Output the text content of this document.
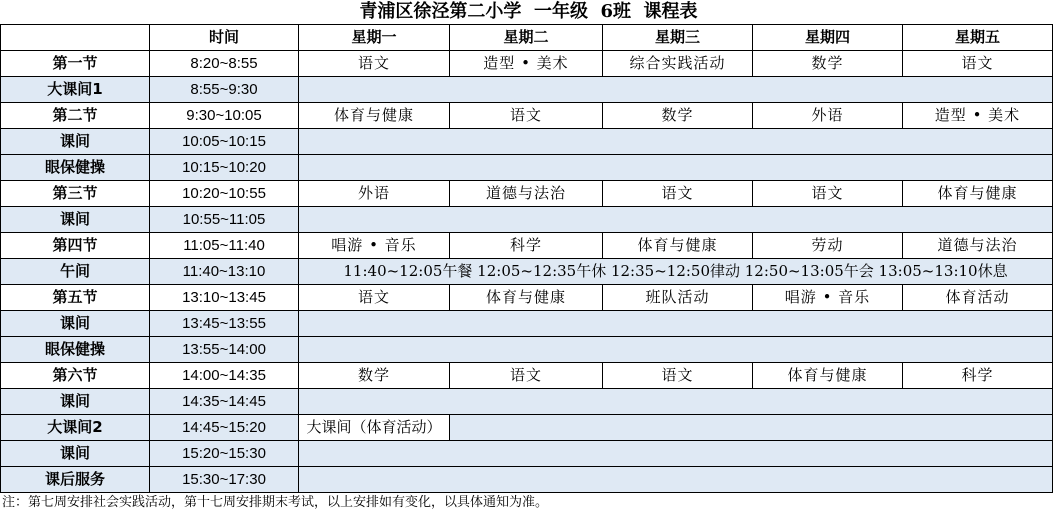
青浦区徐泾第二小学  一年级  6班  课程表
	时间	星期一	星期二	星期三	星期四	星期五
第一节	8:20~8:55	语文	造型 • 美术	综合实践活动	数学	语文
大课间1	8:55~9:30					
第二节	9:30~10:05	体育与健康	语文	数学	外语	造型 • 美术
课间	10:05~10:15					
眼保健操	10:15~10:20					
第三节	10:20~10:55	外语	道德与法治	语文	语文	体育与健康
课间	10:55~11:05					
第四节	11:05~11:40	唱游 • 音乐	科学	体育与健康	劳动	道德与法治
午间	11:40~13:10	11:40~12:05午餐 12:05~12:35午休 12:35~12:50律动 12:50~13:05午会 13:05~13:10休息				
第五节	13:10~13:45	语文	体育与健康	班队活动	唱游 • 音乐	体育活动
课间	13:45~13:55					
眼保健操	13:55~14:00					
第六节	14:00~14:35	数学	语文	语文	体育与健康	科学
课间	14:35~14:45					
大课间2	14:45~15:20	大课间（体育活动）				
课间	15:20~15:30					
课后服务	15:30~17:30					
注：第七周安排社会实践活动，第十七周安排期末考试，以上安排如有变化，以具体通知为准。
